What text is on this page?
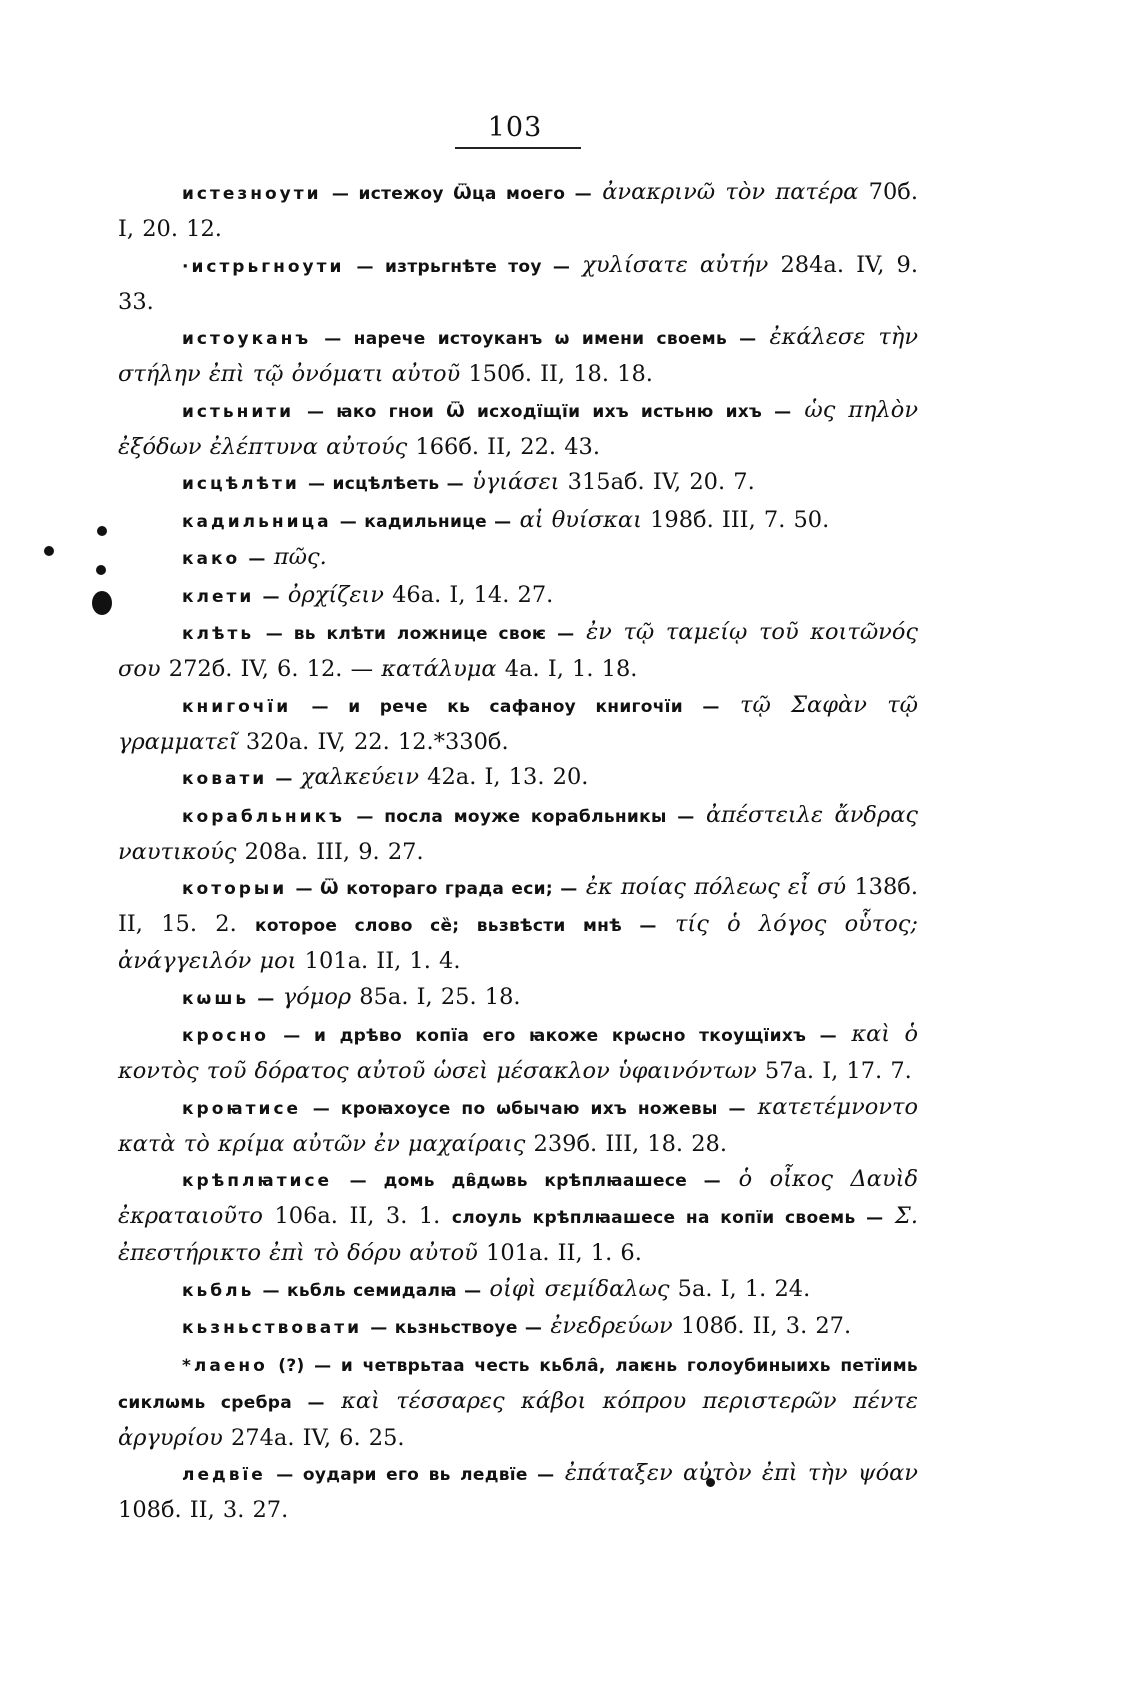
103

истезнoути — истежоу Ѿца моего — ἀνακρινῶ τὸν πατέρα 70б. I, 20. 12.

·истрьгноути — изтрьгнѣте тоу — χυλίσατε αὐτήν 284а. IV, 9. 33.

истоуканъ — нарече истоуканъ ѡ имени своемь — ἐκάλεσε τὴν στήλην ἐπὶ τῷ ὀνόματι αὐτοῦ 150б. II, 18. 18.

истьнити — ꙗко гнои Ѿ исходїщїи ихъ истьню ихъ — ὡς πηλὸν ἐξόδων ἐλέπτυνα αὐτούς 166б. II, 22. 43.

исцѣлѣти — исцѣлѣеть — ὑγιάσει 315аб. IV, 20. 7.

кадильница — кадильнице — αἱ θυίσκαι 198б. III, 7. 50.

како — πῶς.

клети — ὀρχίζειν 46а. I, 14. 27.

клѣть — вь клѣти ложнице своѥ — ἐν τῷ ταμείῳ τοῦ κοιτῶνός σου 272б. IV, 6. 12. — κατάλυμα 4а. I, 1. 18.

книгочїи — и рече кь сафаноу книгочїи — τῷ Σαφὰν τῷ γραμματεῖ 320а. IV, 22. 12.*330б.

ковати — χαλκεύειν 42а. I, 13. 20.

корабльникъ — посла моуже корабльникы — ἀπέστειλε ἄνδρας ναυτικούς 208а. III, 9. 27.

которыи — Ѿ котораго града еси; — ἐκ ποίας πόλεως εἶ σύ 138б. II, 15. 2. которое слово се̏; вьзвѣсти мнѣ — τίς ὁ λόγος οὗτος; ἀνάγγειλόν μοι 101а. II, 1. 4.

кѡшь — γόμορ 85а. I, 25. 18.

кросно — и дрѣво копїа его ꙗкоже крѡсно ткоущїихъ — καὶ ὁ κοντὸς τοῦ δόρατος αὐτοῦ ὡσεὶ μέσακλον ὑφαινόντων 57а. I, 17. 7.

кроꙗтисе — кроꙗхоусе по ѡбычаю ихъ ножевы — κατετέμνοντο κατὰ τὸ κρίμα αὐτῶν ἐν μαχαίραις 239б. III, 18. 28.

крѣплꙗтисе — домь дв̑дѡвь крѣплꙗашесе — ὁ οἶκος Δαυὶδ ἐκραταιοῦτο 106а. II, 3. 1. слоуль крѣплꙗашесе на копїи своемь — Σ. ἐπεστήρικτο ἐπὶ τὸ δόρυ αὐτοῦ 101а. II, 1. 6.

кьбль — кьбль семидалꙗ — οἰφὶ σεμίδαλως 5а. I, 1. 24.

кьзньствовати — кьзньствоуе — ἐνεδρεύων 108б. II, 3. 27.

*лаено (?) — и четврьтаа честь кьбла̑, лаѥнь голоубиныихь петїимь сиклѡмь сребра — καὶ τέσσαρες κάβοι κόπρου περιστερῶν πέντε ἀργυρίου 274а. IV, 6. 25.

ледвїе — оудари его вь ледвїе — ἐπάταξεν αὐτὸν ἐπὶ τὴν ψόαν 108б. II, 3. 27.
